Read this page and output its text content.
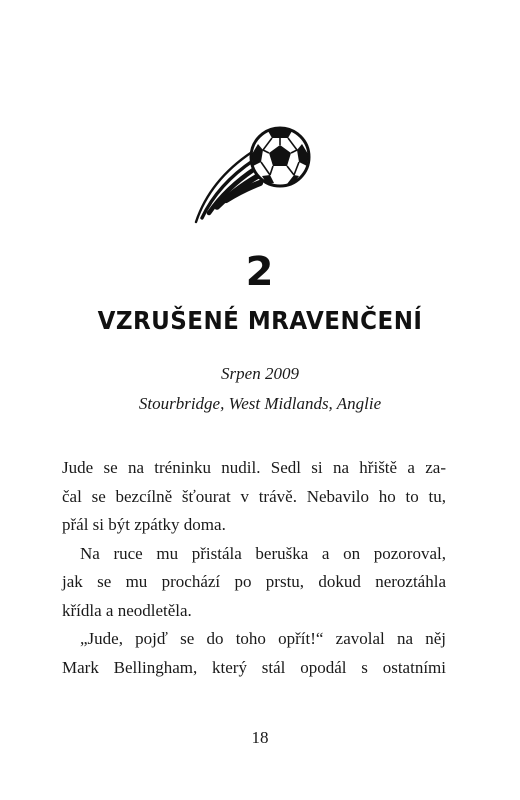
2
VZRUŠENÉ MRAVENČENÍ
Srpen 2009
Stourbridge, West Midlands, Anglie
Jude se na tréninku nudil. Sedl si na hřiště a za-
čal se bezcílně šťourat v trávě. Nebavilo ho to tu,
přál si být zpátky doma.
Na ruce mu přistála beruška a on pozoroval,
jak se mu prochází po prstu, dokud neroztáhla
křídla a neodletěla.
„Jude, pojď se do toho opřít!“ zavolal na něj
Mark Bellingham, který stál opodál s ostatními
18
